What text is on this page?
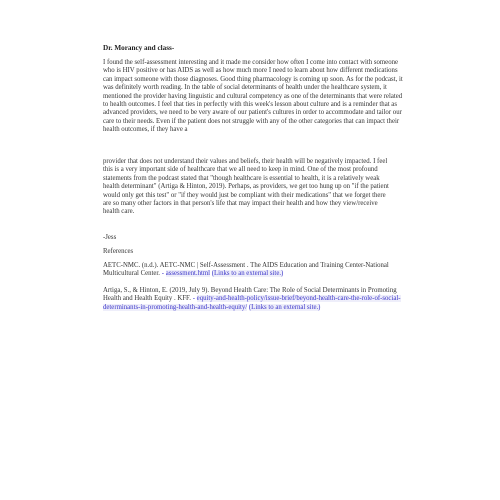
Dr. Morancy and class-

I found the self-assessment interesting and it made me consider how often I come into contact with someone who is HIV positive or has AIDS as well as how much more I need to learn about how different medications can impact someone with those diagnoses. Good thing pharmacology is coming up soon. As for the podcast, it was definitely worth reading. In the table of social determinants of health under the healthcare system, it mentioned the provider having linguistic and cultural competency as one of the determinants that were related to health outcomes. I feel that ties in perfectly with this week's lesson about culture and is a reminder that as advanced providers, we need to be very aware of our patient's cultures in order to accommodate and tailor our care to their needs. Even if the patient does not struggle with any of the other categories that can impact their health outcomes, if they have a

provider that does not understand their values and beliefs, their health will be negatively impacted. I feel this is a very important side of healthcare that we all need to keep in mind. One of the most profound statements from the podcast stated that "though healthcare is essential to health, it is a relatively weak health determinant" (Artiga & Hinton, 2019). Perhaps, as providers, we get too hung up on "if the patient would only get this test" or "if they would just be compliant with their medications" that we forget there are so many other factors in that person's life that may impact their health and how they view/receive health care.

-Jess

References

AETC-NMC. (n.d.). AETC-NMC | Self-Assessment . The AIDS Education and Training Center-National Multicultural Center. - assessment.html (Links to an external site.)

Artiga, S., & Hinton, E. (2019, July 9). Beyond Health Care: The Role of Social Determinants in Promoting Health and Health Equity . KFF. - equity-and-health-policy/issue-brief/beyond-health-care-the-role-of-social-determinants-in-promoting-health-and-health-equity/ (Links to an external site.)
